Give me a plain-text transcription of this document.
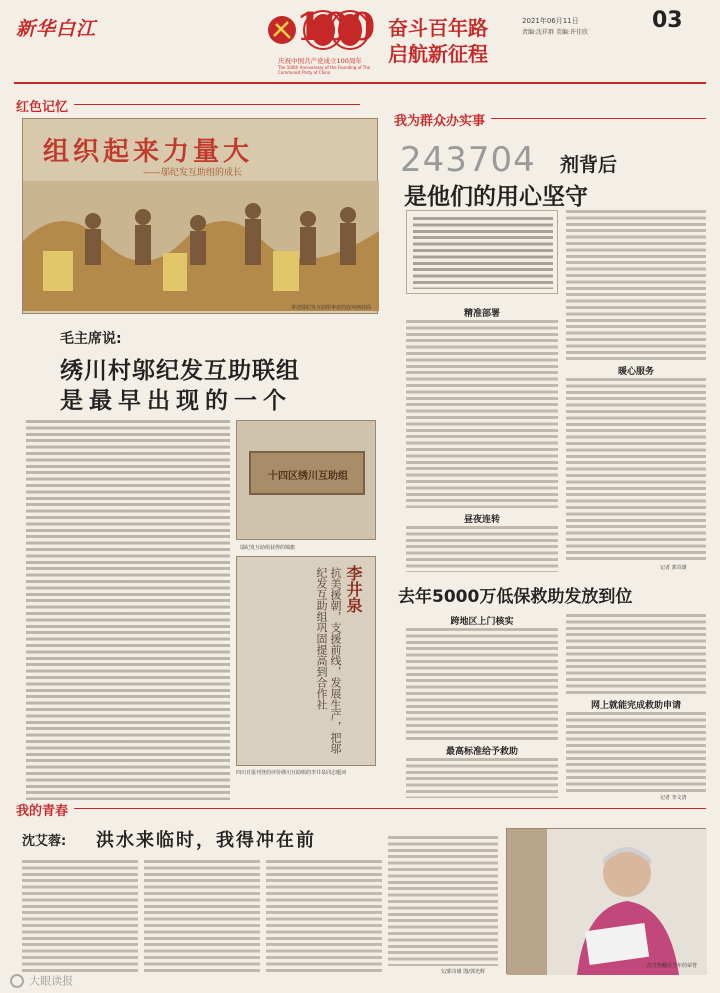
新华白江	100
庆祝中国共产党成立100周年
The 100th Anniversary of the Founding of The Communist Party of China
奋斗百年路
启航新征程
2021年06月11日
责编:沈祥群 美编:许佳欣	03
红色记忆
组织起来力量大
——邬纪发互助组的成长
讲述邬纪发互助组事迹的连环画封面
毛主席说:
绣川村邬纪发互助联组
是最早出现的一个
十四区绣川互助组
邬纪发互助组获得的锦旗
李井泉
抗美援朝，支援前线，发展生产，把邬纪发互助组巩固提高到合作社
四川日报刊登的评价绣川互助组的李井泉同志题词
我为群众办实事
243704 剂背后
是他们的用心坚守
精准部署
昼夜连转
暖心服务
记者 郭奇雄
去年5000万低保救助发放到位
跨地区上门核实
最高标准给予救助
网上就能完成救助申请
记者 李文清
我的青春
沈艾蓉: 洪水来临时，我得冲在前
文/郭奇雄 图/郭光辉
沈艾蓉翻看当年的荣誉
大眼读报
